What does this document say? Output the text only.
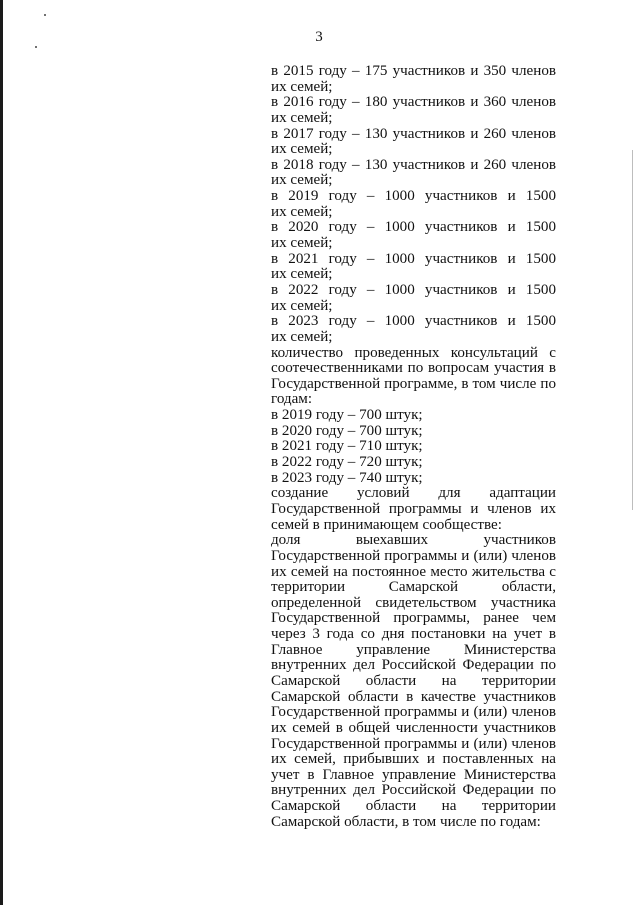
3

в 2015 году – 175 участников и 350 членов
их семей;
в 2016 году – 180 участников и 360 членов
их семей;
в 2017 году – 130 участников и 260 членов
их семей;
в 2018 году – 130 участников и 260 членов
их семей;
в 2019 году – 1000 участников и 1500
их семей;
в 2020 году – 1000 участников и 1500
их семей;
в 2021 году – 1000 участников и 1500
их семей;
в 2022 году – 1000 участников и 1500
их семей;
в 2023 году – 1000 участников и 1500
их семей;
количество проведенных консультаций с
соотечественниками по вопросам участия в
Государственной программе, в том числе по
годам:
в 2019 году – 700 штук;
в 2020 году – 700 штук;
в 2021 году – 710 штук;
в 2022 году – 720 штук;
в 2023 году – 740 штук;
создание условий для адаптации
Государственной программы и членов их
семей в принимающем сообществе:
доля выехавших участников
Государственной программы и (или) членов
их семей на постоянное место жительства с
территории Самарской области,
определенной свидетельством участника
Государственной программы, ранее чем
через 3 года со дня постановки на учет в
Главное управление Министерства
внутренних дел Российской Федерации по
Самарской области на территории
Самарской области в качестве участников
Государственной программы и (или) членов
их семей в общей численности участников
Государственной программы и (или) членов
их семей, прибывших и поставленных на
учет в Главное управление Министерства
внутренних дел Российской Федерации по
Самарской области на территории
Самарской области, в том числе по годам:
